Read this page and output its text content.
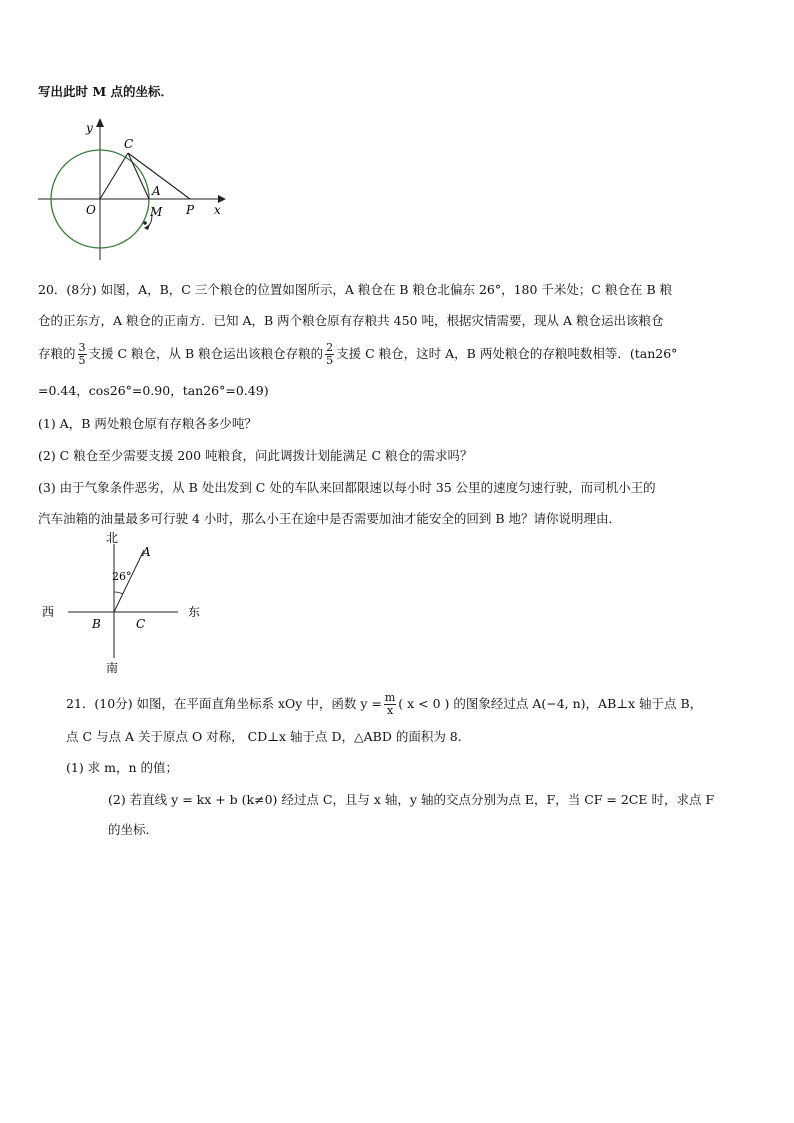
写出此时 M 点的坐标．
y
C
A
O	M P x
20．(8分) 如图，A，B，C 三个粮仓的位置如图所示，A 粮仓在 B 粮仓北偏东 26°，180 千米处；C 粮仓在 B 粮
仓的正东方，A 粮仓的正南方．已知 A，B 两个粮仓原有存粮共 450 吨，根据灾情需要，现从 A 粮仓运出该粮仓
存粮的 $\frac{3}{5}$ 支援 C 粮仓，从 B 粮仓运出该粮仓存粮的 $\frac{2}{5}$ 支援 C 粮仓，这时 A，B 两处粮仓的存粮吨数相等．(tan26°
=0.44，cos26°=0.90，tan26°=0.49)
(1) A，B 两处粮仓原有存粮各多少吨？
(2) C 粮仓至少需要支援 200 吨粮食，问此调拨计划能满足 C 粮仓的需求吗？
(3) 由于气象条件恶劣，从 B 处出发到 C 处的车队来回都限速以每小时 35 公里的速度匀速行驶，而司机小王的
汽车油箱的油量最多可行驶 4 小时，那么小王在途中是否需要加油才能安全的回到 B 地？请你说明理由．
北
A
26°
西	东
B	C
南
21．(10分) 如图，在平面直角坐标系 xOy 中，函数 $y = \frac{m}{x}$ ( x < 0 ) 的图象经过点 A(−4, n)，AB⊥x 轴于点 B，
点 C 与点 A 关于原点 O 对称， CD⊥x 轴于点 D，△ABD 的面积为 8.
(1) 求 m，n 的值；
(2) 若直线 y = kx + b (k≠0) 经过点 C，且与 x 轴，y 轴的交点分别为点 E，F，当 CF = 2CE 时，求点 F
的坐标．
